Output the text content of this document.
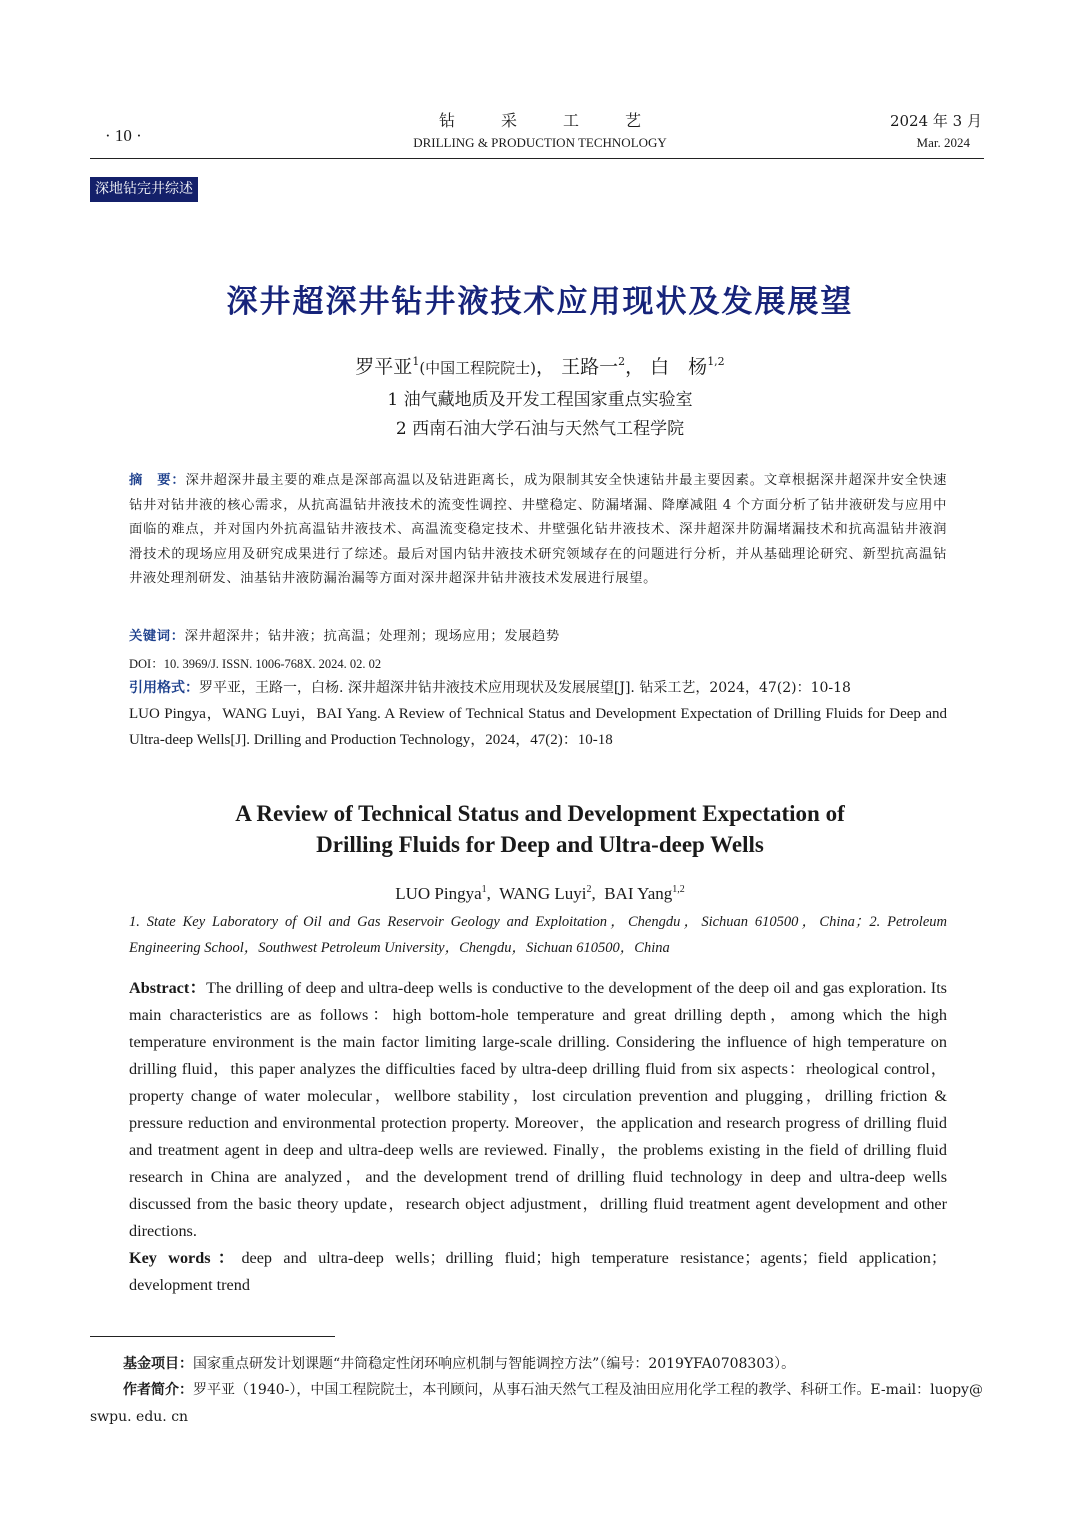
· 10 ·
钻采工艺
DRILLING & PRODUCTION TECHNOLOGY
2024 年 3 月
Mar. 2024
深地钻完井综述
深井超深井钻井液技术应用现状及发展展望
罗平亚$^1$(中国工程院院士)， 王路一$^2$， 白　杨$^{1,2}$
1 油气藏地质及开发工程国家重点实验室
2 西南石油大学石油与天然气工程学院
摘　要：深井超深井最主要的难点是深部高温以及钻进距离长，成为限制其安全快速钻井最主要因素。文章根据深井超深井安全快速钻井对钻井液的核心需求，从抗高温钻井液技术的流变性调控、井壁稳定、防漏堵漏、降摩减阻 4 个方面分析了钻井液研发与应用中面临的难点，并对国内外抗高温钻井液技术、高温流变稳定技术、井壁强化钻井液技术、深井超深井防漏堵漏技术和抗高温钻井液润滑技术的现场应用及研究成果进行了综述。最后对国内钻井液技术研究领域存在的问题进行分析，并从基础理论研究、新型抗高温钻井液处理剂研发、油基钻井液防漏治漏等方面对深井超深井钻井液技术发展进行展望。
关键词：深井超深井；钻井液；抗高温；处理剂；现场应用；发展趋势
DOI：10. 3969/J. ISSN. 1006-768X. 2024. 02. 02
引用格式：罗平亚，王路一，白杨. 深井超深井钻井液技术应用现状及发展展望[J]. 钻采工艺，2024，47(2)：10-18
LUO Pingya，WANG Luyi，BAI Yang. A Review of Technical Status and Development Expectation of Drilling Fluids for Deep and Ultra-deep Wells[J]. Drilling and Production Technology，2024，47(2)：10-18
A Review of Technical Status and Development Expectation of
Drilling Fluids for Deep and Ultra-deep Wells
LUO Pingya$^1$,  WANG Luyi$^2$,  BAI Yang$^{1,2}$
1. State Key Laboratory of Oil and Gas Reservoir Geology and Exploitation，Chengdu，Sichuan 610500，China；2. Petroleum Engineering School，Southwest Petroleum University，Chengdu，Sichuan 610500，China
Abstract：The drilling of deep and ultra-deep wells is conductive to the development of the deep oil and gas exploration. Its main characteristics are as follows：high bottom-hole temperature and great drilling depth，among which the high temperature environment is the main factor limiting large-scale drilling. Considering the influence of high temperature on drilling fluid，this paper analyzes the difficulties faced by ultra-deep drilling fluid from six aspects：rheological control，property change of water molecular，wellbore stability，lost circulation prevention and plugging，drilling friction & pressure reduction and environmental protection property. Moreover，the application and research progress of drilling fluid and treatment agent in deep and ultra-deep wells are reviewed. Finally，the problems existing in the field of drilling fluid research in China are analyzed，and the development trend of drilling fluid technology in deep and ultra-deep wells discussed from the basic theory update，research object adjustment，drilling fluid treatment agent development and other directions.
Key words：deep and ultra-deep wells；drilling fluid；high temperature resistance；agents；field application；development trend
基金项目：国家重点研发计划课题“井筒稳定性闭环响应机制与智能调控方法”（编号：2019YFA0708303）。
作者简介：罗平亚（1940-），中国工程院院士，本刊顾问，从事石油天然气工程及油田应用化学工程的教学、科研工作。E-mail：luopy@ swpu. edu. cn
